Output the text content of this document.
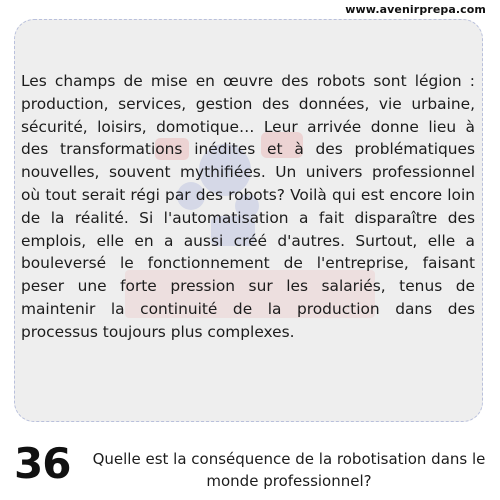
www.avenirprepa.com

Les champs de mise en œuvre des robots sont légion : production, services, gestion des données, vie urbaine, sécurité, loisirs, domotique… Leur arrivée donne lieu à des transformations inédites et à des problématiques nouvelles, souvent mythifiées. Un univers professionnel où tout serait régi par des robots? Voilà qui est encore loin de la réalité. Si l'automatisation a fait disparaître des emplois, elle en a aussi créé d'autres. Surtout, elle a bouleversé le fonctionnement de l'entreprise, faisant peser une forte pression sur les salariés, tenus de maintenir la continuité de la production dans des processus toujours plus complexes.

36	Quelle est la conséquence de la robotisation dans le monde professionnel?
